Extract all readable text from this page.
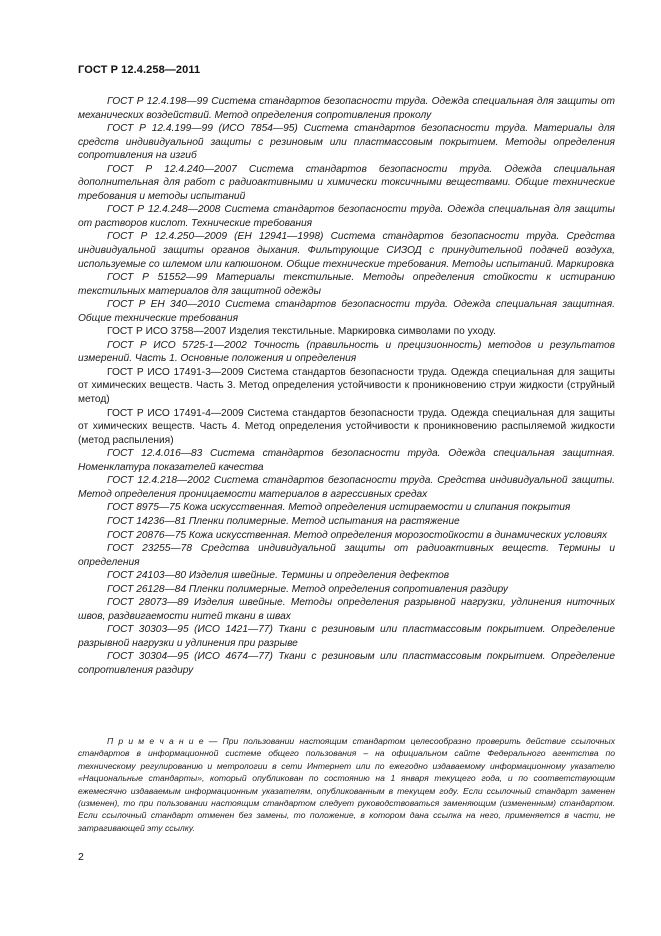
ГОСТ Р 12.4.258—2011

ГОСТ Р 12.4.198—99 Система стандартов безопасности труда. Одежда специальная для защиты от механических воздействий. Метод определения сопротивления проколу

ГОСТ Р 12.4.199—99 (ИСО 7854—95) Система стандартов безопасности труда. Материалы для средств индивидуальной защиты с резиновым или пластмассовым покрытием. Методы определения сопротивления на изгиб

ГОСТ Р 12.4.240—2007 Система стандартов безопасности труда. Одежда специальная дополнительная для работ с радиоактивными и химически токсичными веществами. Общие технические требования и методы испытаний

ГОСТ Р 12.4.248—2008 Система стандартов безопасности труда. Одежда специальная для защиты от растворов кислот. Технические требования

ГОСТ Р 12.4.250—2009 (ЕН 12941—1998) Система стандартов безопасности труда. Средства индивидуальной защиты органов дыхания. Фильтрующие СИЗОД с принудительной подачей воздуха, используемые со шлемом или капюшоном. Общие технические требования. Методы испытаний. Маркировка

ГОСТ Р 51552—99 Материалы текстильные. Методы определения стойкости к истиранию текстильных материалов для защитной одежды

ГОСТ Р ЕН 340—2010 Система стандартов безопасности труда. Одежда специальная защитная. Общие технические требования

ГОСТ Р ИСО 3758—2007 Изделия текстильные. Маркировка символами по уходу.

ГОСТ Р ИСО 5725-1—2002 Точность (правильность и прецизионность) методов и результатов измерений. Часть 1. Основные положения и определения

ГОСТ Р ИСО 17491-3—2009 Система стандартов безопасности труда. Одежда специальная для защиты от химических веществ. Часть 3. Метод определения устойчивости к проникновению струи жидкости (струйный метод)

ГОСТ Р ИСО 17491-4—2009 Система стандартов безопасности труда. Одежда специальная для защиты от химических веществ. Часть 4. Метод определения устойчивости к проникновению распыляемой жидкости (метод распыления)

ГОСТ 12.4.016—83 Система стандартов безопасности труда. Одежда специальная защитная. Номенклатура показателей качества

ГОСТ 12.4.218—2002 Система стандартов безопасности труда. Средства индивидуальной защиты. Метод определения проницаемости материалов в агрессивных средах

ГОСТ 8975—75 Кожа искусственная. Метод определения истираемости и слипания покрытия

ГОСТ 14236—81 Пленки полимерные. Метод испытания на растяжение

ГОСТ 20876—75 Кожа искусственная. Метод определения морозостойкости в динамических условиях

ГОСТ 23255—78 Средства индивидуальной защиты от радиоактивных веществ. Термины и определения

ГОСТ 24103—80 Изделия швейные. Термины и определения дефектов

ГОСТ 26128—84 Пленки полимерные. Метод определения сопротивления раздиру

ГОСТ 28073—89 Изделия швейные. Методы определения разрывной нагрузки, удлинения ниточных швов, раздвигаемости нитей ткани в швах

ГОСТ 30303—95 (ИСО 1421—77) Ткани с резиновым или пластмассовым покрытием. Определение разрывной нагрузки и удлинения при разрыве

ГОСТ 30304—95 (ИСО 4674—77) Ткани с резиновым или пластмассовым покрытием. Определение сопротивления раздиру

П р и м е ч а н и е — При пользовании настоящим стандартом целесообразно проверить действие ссылочных стандартов в информационной системе общего пользования – на официальном сайте Федерального агентства по техническому регулированию и метрологии в сети Интернет или по ежегодно издаваемому информационному указателю «Национальные стандарты», который опубликован по состоянию на 1 января текущего года, и по соответствующим ежемесячно издаваемым информационным указателям, опубликованным в текущем году. Если ссылочный стандарт заменен (изменен), то при пользовании настоящим стандартом следует руководствоваться заменяющим (измененным) стандартом. Если ссылочный стандарт отменен без замены, то положение, в котором дана ссылка на него, применяется в части, не затрагивающей эту ссылку.

2
